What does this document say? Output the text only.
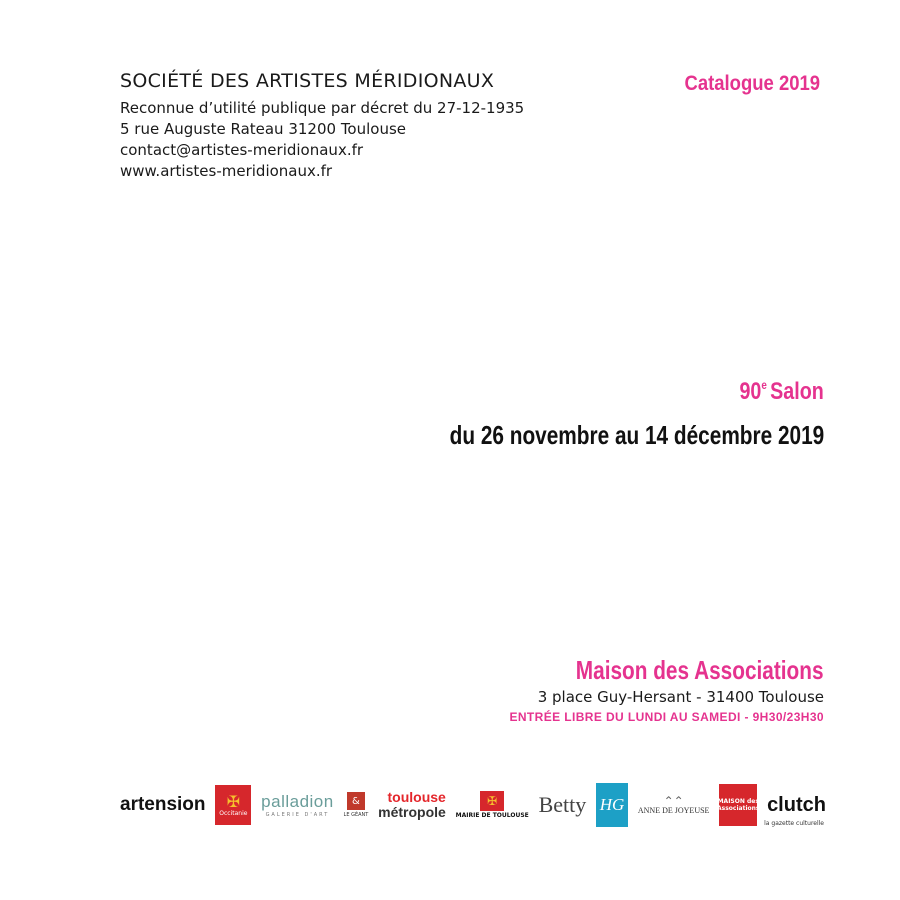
SOCIÉTÉ DES ARTISTES MÉRIDIONAUX
Reconnue d’utilité publique par décret du 27-12-1935
5 rue Auguste Rateau 31200 Toulouse
contact@artistes-meridionaux.fr
www.artistes-meridionaux.fr
Catalogue 2019
90e Salon
du 26 novembre au 14 décembre 2019
Maison des Associations
3 place Guy-Hersant - 31400 Toulouse
ENTRÉE LIBRE DU LUNDI AU SAMEDI - 9H30/23H30
artension ✠
Occitanie
palladion
GALERIE D'ART
&
LE GÉANT
toulouse
métropole
✠
MAIRIE DE TOULOUSE Betty HG	⌃⌃
ANNE DE JOYEUSE
MAISON des Associations clutch
la gazette culturelle
